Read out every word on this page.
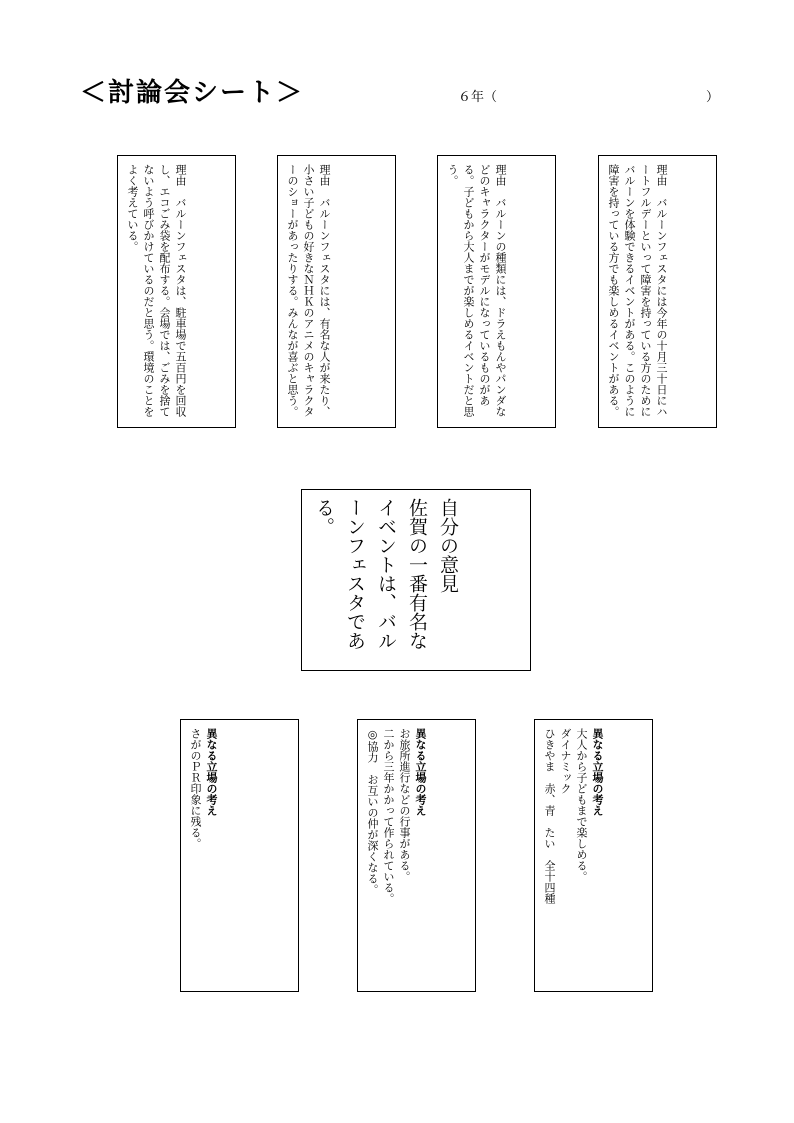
＜討論会シート＞	６年（	）
理由　バルーンフェスタには今年の十月三十日にハートフルデーといって障害を持っている方のためにバルーンを体験できるイベントがある。このように障害を持っている方でも楽しめるイベントがある。
理由　バルーンの種類には、ドラえもんやパンダなどのキャラクターがモデルになっているものがある。子どもから大人までが楽しめるイベントだと思う。
理由　バルーンフェスタには、有名な人が来たり、小さい子どもの好きなＮＨＫのアニメのキャラクターのショーがあったりする。みんなが喜ぶと思う。
理由　バルーンフェスタは、駐車場で五百円を回収し、エコごみ袋を配布する。会場では、ごみを捨てないよう呼びかけているのだと思う。環境のことをよく考えている。
自分の意見
佐賀の一番有名なイベントは、バルーンフェスタである。
異なる立場の考え
大人から子どもまで楽しめる。
ダイナミック
ひきやま　赤、青　たい　全十四種
異なる立場の考え
お旅所進行などの行事がある。
二から三年かかって作られている。
◎協力　お互いの仲が深くなる。
異なる立場の考え
さがのＰＲ印象に残る。
